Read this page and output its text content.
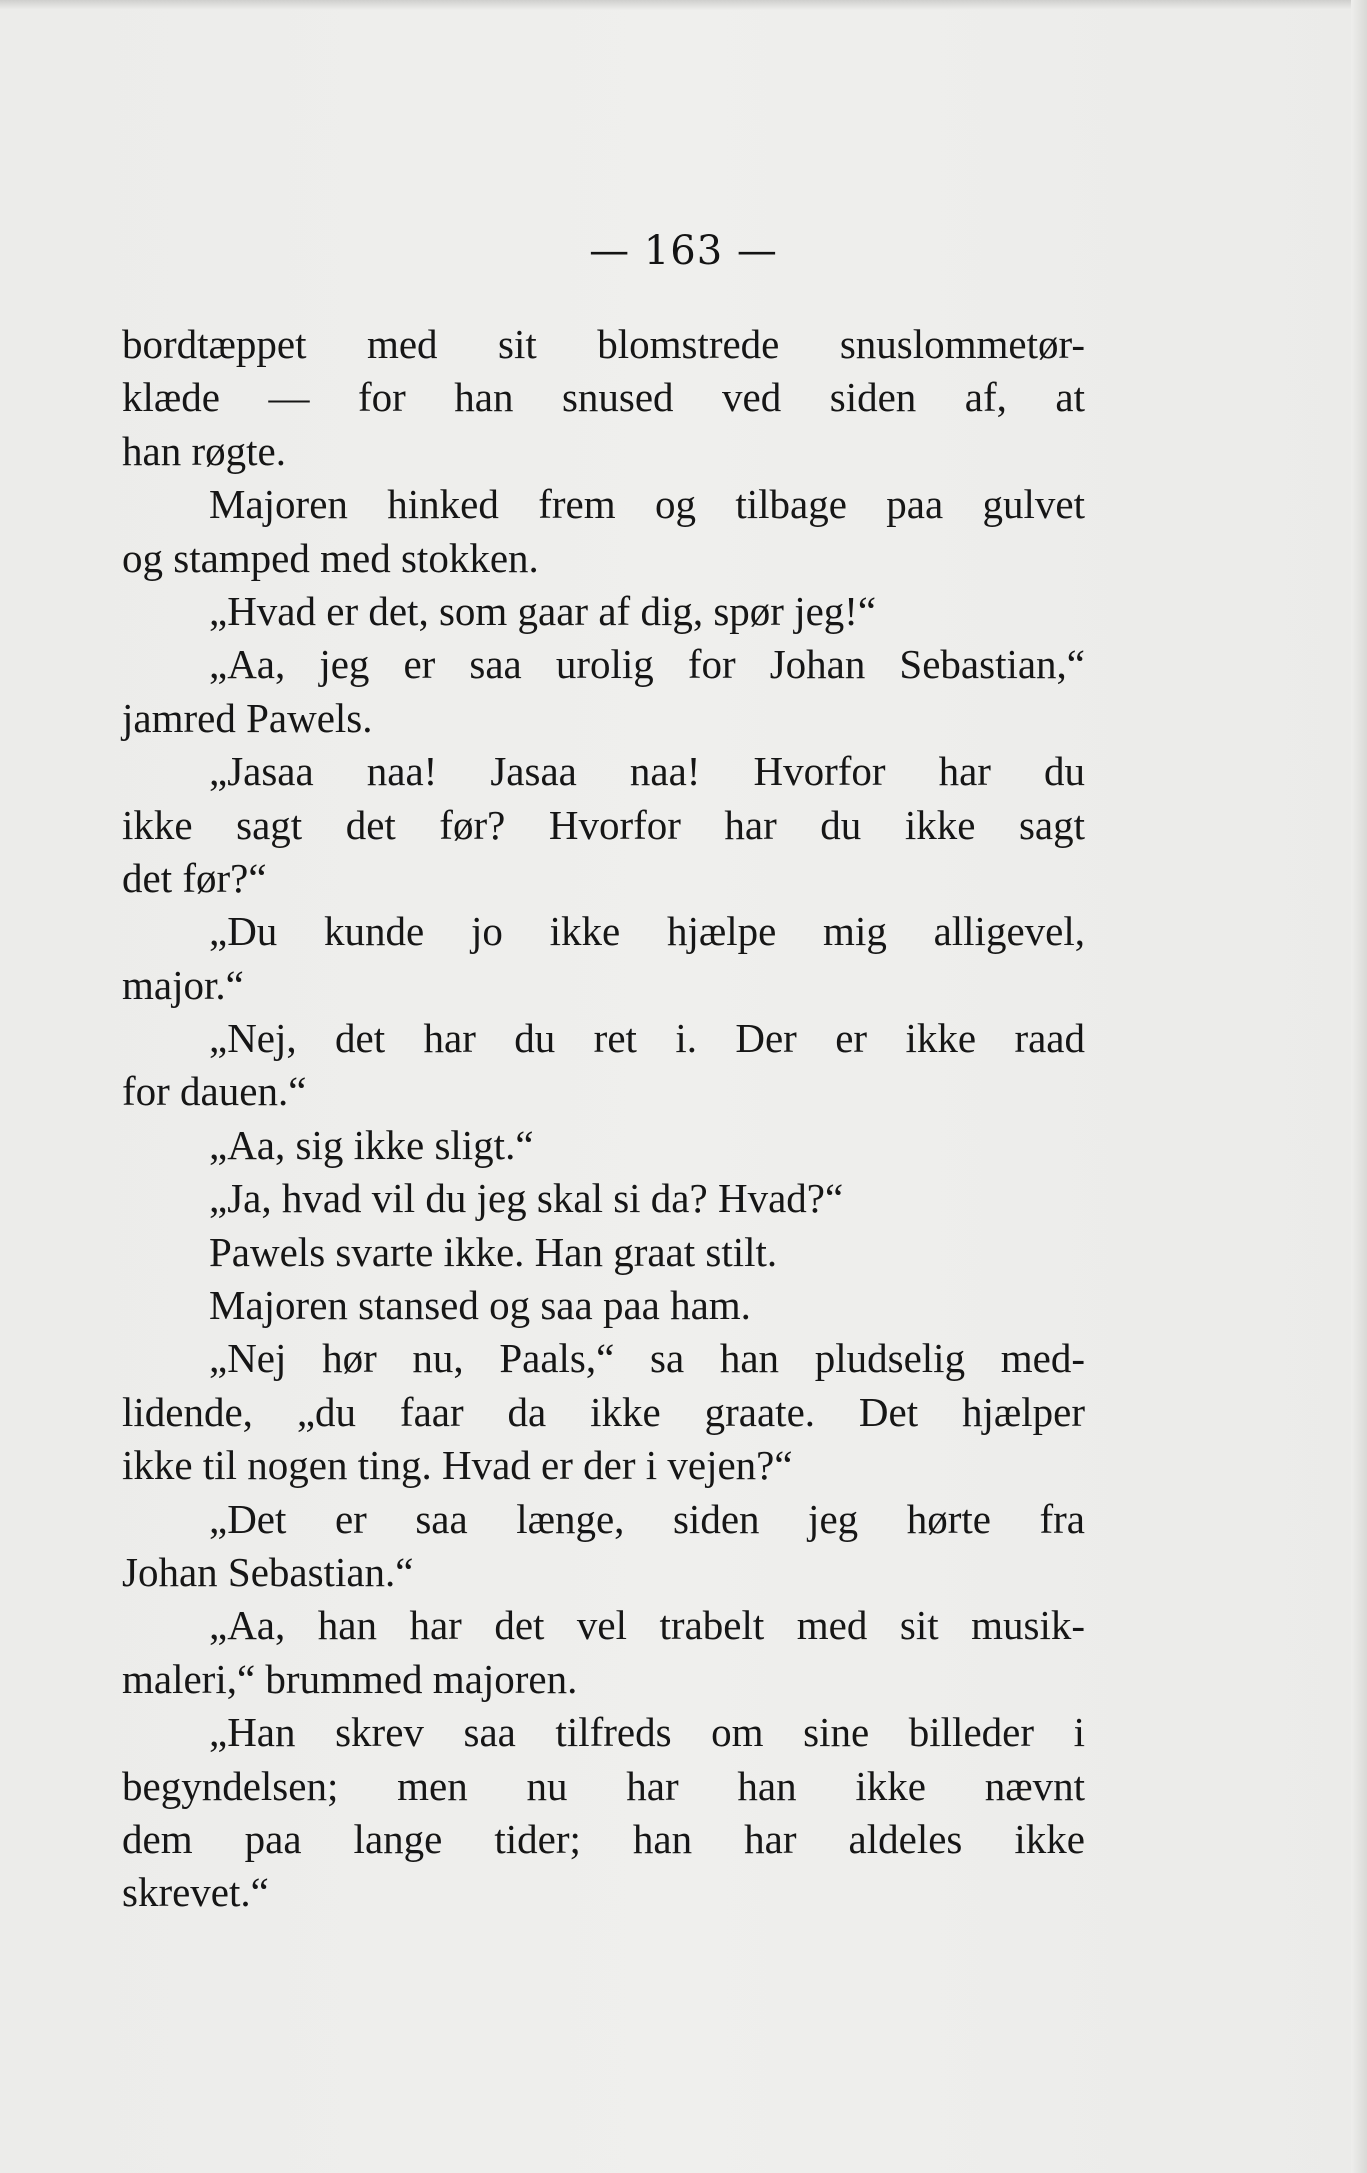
— 163 —
bordtæppet med sit blomstrede snuslommetør-
klæde — for han snused ved siden af, at
han røgte.
Majoren hinked frem og tilbage paa gulvet
og stamped med stokken.
„Hvad er det, som gaar af dig, spør jeg!“
„Aa, jeg er saa urolig for Johan Sebastian,“
jamred Pawels.
„Jasaa naa! Jasaa naa! Hvorfor har du
ikke sagt det før? Hvorfor har du ikke sagt
det før?“
„Du kunde jo ikke hjælpe mig alligevel,
major.“
„Nej, det har du ret i. Der er ikke raad
for dauen.“
„Aa, sig ikke sligt.“
„Ja, hvad vil du jeg skal si da? Hvad?“
Pawels svarte ikke. Han graat stilt.
Majoren stansed og saa paa ham.
„Nej hør nu, Paals,“ sa han pludselig med-
lidende, „du faar da ikke graate. Det hjælper
ikke til nogen ting. Hvad er der i vejen?“
„Det er saa længe, siden jeg hørte fra
Johan Sebastian.“
„Aa, han har det vel trabelt med sit musik-
maleri,“ brummed majoren.
„Han skrev saa tilfreds om sine billeder i
begyndelsen; men nu har han ikke nævnt
dem paa lange tider; han har aldeles ikke
skrevet.“
